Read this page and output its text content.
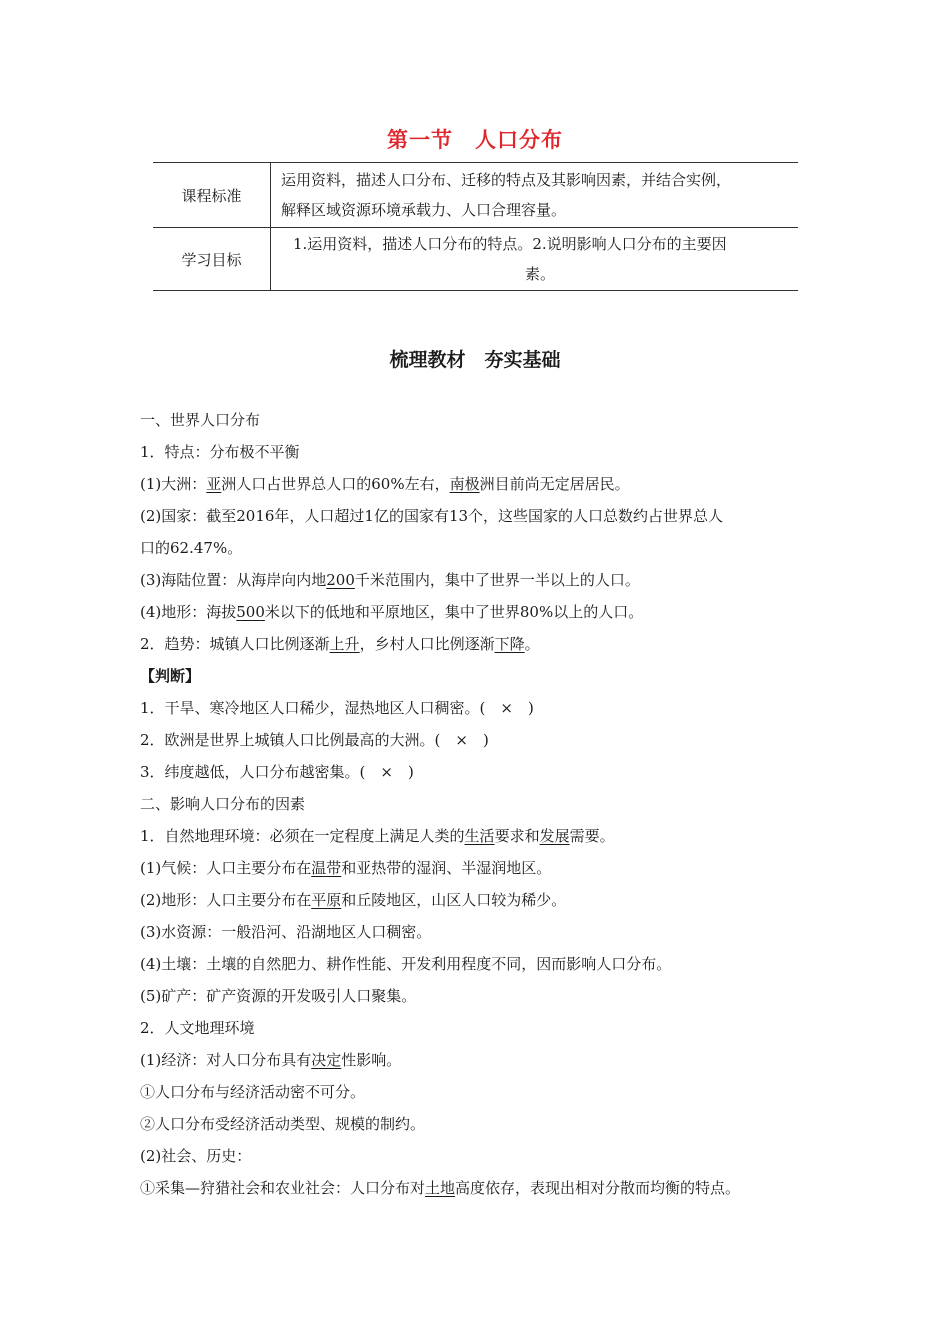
第一节　人口分布
课程标准	运用资料，描述人口分布、迁移的特点及其影响因素，并结合实例，
解释区域资源环境承载力、人口合理容量。

学习目标	1.运用资料，描述人口分布的特点。2.说明影响人口分布的主要因
素。
梳理教材　夯实基础
一、世界人口分布
1．特点：分布极不平衡
(1)大洲：亚洲人口占世界总人口的60%左右，南极洲目前尚无定居居民。
(2)国家：截至2016年，人口超过1亿的国家有13个，这些国家的人口总数约占世界总人
口的62.47%。
(3)海陆位置：从海岸向内地200千米范围内，集中了世界一半以上的人口。
(4)地形：海拔500米以下的低地和平原地区，集中了世界80%以上的人口。
2．趋势：城镇人口比例逐渐上升，乡村人口比例逐渐下降。
【判断】
1．干旱、寒冷地区人口稀少，湿热地区人口稠密。(　×　)
2．欧洲是世界上城镇人口比例最高的大洲。(　×　)
3．纬度越低，人口分布越密集。(　×　)
二、影响人口分布的因素
1．自然地理环境：必须在一定程度上满足人类的生活要求和发展需要。
(1)气候：人口主要分布在温带和亚热带的湿润、半湿润地区。
(2)地形：人口主要分布在平原和丘陵地区，山区人口较为稀少。
(3)水资源：一般沿河、沿湖地区人口稠密。
(4)土壤：土壤的自然肥力、耕作性能、开发利用程度不同，因而影响人口分布。
(5)矿产：矿产资源的开发吸引人口聚集。
2．人文地理环境
(1)经济：对人口分布具有决定性影响。
①人口分布与经济活动密不可分。
②人口分布受经济活动类型、规模的制约。
(2)社会、历史：
①采集—狩猎社会和农业社会：人口分布对土地高度依存，表现出相对分散而均衡的特点。
